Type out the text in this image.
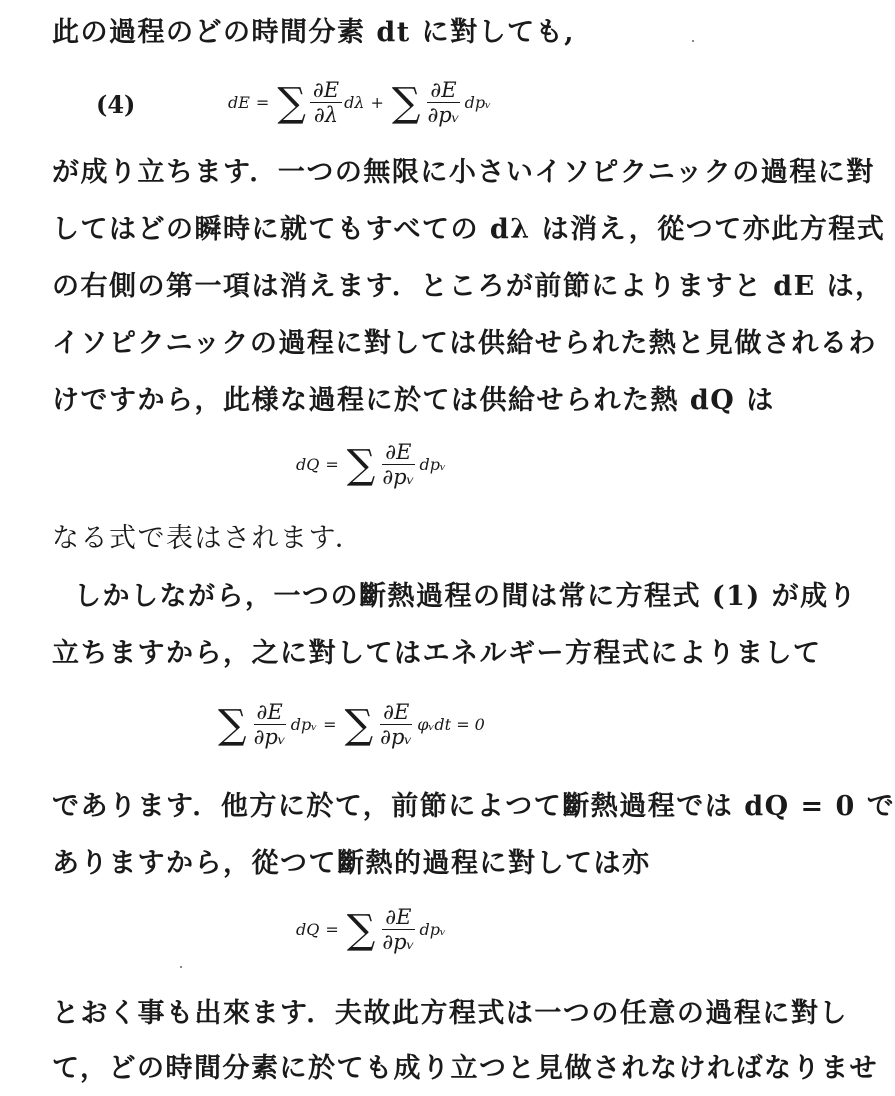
此の過程のどの時間分素 dt に對しても,
(4)	dE = ∑ $\frac{\partial E}{\partial\lambda}$ dλ + ∑ $\frac{\partial E}{\text{∂pᵥ}}$ dpᵥ
が成り立ちます．一つの無限に小さいイソピクニックの過程に對
してはどの瞬時に就てもすべての dλ は消え，從つて亦此方程式
の右側の第一項は消えます．ところが前節によりますと dE は，
イソピクニックの過程に對しては供給せられた熱と見做されるわ
けですから，此様な過程に於ては供給せられた熱 dQ は
dQ = ∑ $\frac{\partial E}{\text{∂pᵥ}}$ dpᵥ
なる式で表はされます．
しかしながら，一つの斷熱過程の間は常に方程式 (1) が成り
立ちますから，之に對してはエネルギー方程式によりまして
∑ $\frac{\partial E}{\text{∂pᵥ}}$ dpᵥ = ∑ $\frac{\partial E}{\text{∂pᵥ}}$ φᵥdt = 0
であります．他方に於て，前節によつて斷熱過程では dQ = 0 で
ありますから，從つて斷熱的過程に對しては亦
dQ = ∑ $\frac{\partial E}{\text{∂pᵥ}}$ dpᵥ
とおく事も出來ます．夫故此方程式は一つの任意の過程に對し
て，どの時間分素に於ても成り立つと見做されなければなりませ
